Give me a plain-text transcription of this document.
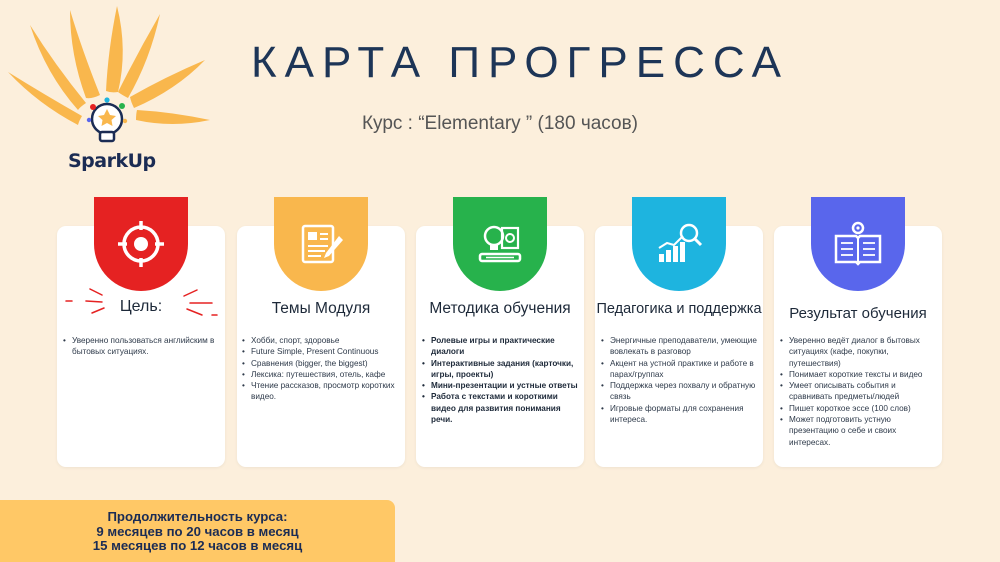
SparkUp
КАРТА ПРОГРЕССА
Курс : “Elementary ” (180 часов)
Цель:
• Уверенно пользоваться английским в бытовых ситуациях.
Темы Модуля
• Хобби, спорт, здоровье
• Future Simple, Present Continuous
• Сравнения (bigger, the biggest)
• Лексика: путешествия, отель, кафе
• Чтение рассказов, просмотр коротких видео.
Методика обучения
• Ролевые игры и практические диалоги
• Интерактивные задания (карточки, игры, проекты)
• Мини-презентации и устные ответы
• Работа с текстами и короткими видео для развития понимания речи.
Педагогика и поддержка
• Энергичные преподаватели, умеющие вовлекать в разговор
• Акцент на устной практике и работе в парах/группах
• Поддержка через похвалу и обратную связь
• Игровые форматы для сохранения интереса.
Результат обучения
• Уверенно ведёт диалог в бытовых ситуациях (кафе, покупки, путешествия)
• Понимает короткие тексты и видео
• Умеет описывать события и сравнивать предметы/людей
• Пишет короткое эссе (100 слов)
• Может подготовить устную презентацию о себе и своих интересах.
Продолжительность курса:
9 месяцев по 20 часов в месяц
15 месяцев по 12 часов в месяц
